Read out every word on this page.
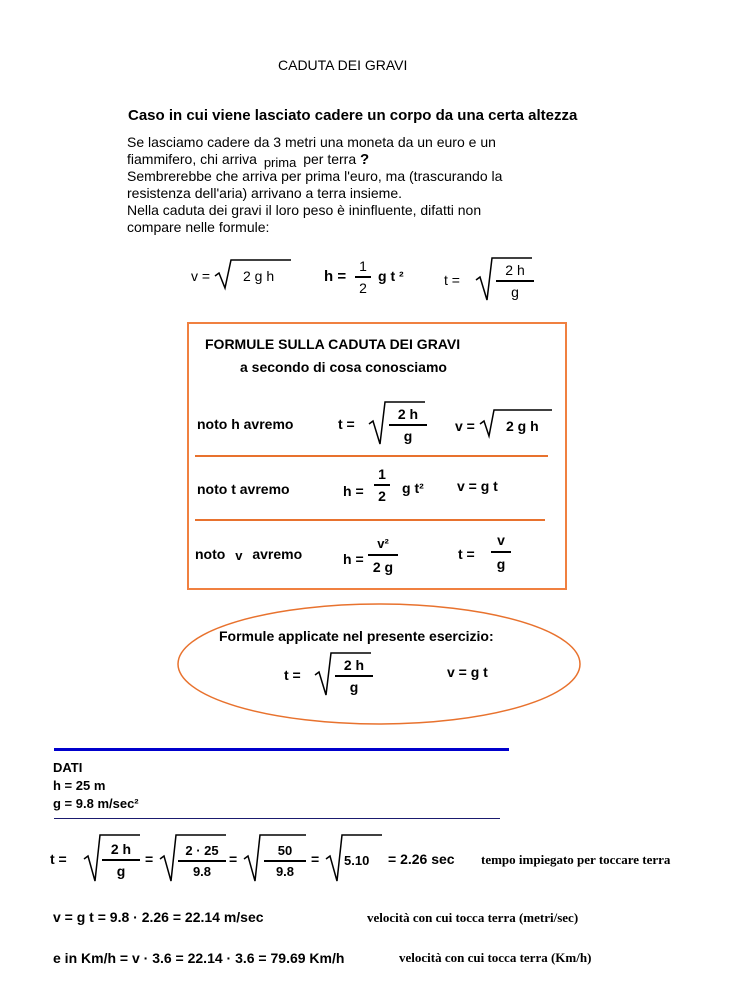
CADUTA DEI GRAVI
Caso in cui viene lasciato cadere un corpo da una certa altezza
Se lasciamo cadere da 3 metri una moneta da un euro e un
fiammifero, chi arriva prima per terra ?
Sembrerebbe che arriva per prima l'euro, ma (trascurando la
resistenza dell'aria) arrivano a terra insieme.
Nella caduta dei gravi il loro peso è ininfluente, difatti non
compare nelle formule:
v = 2 g h	h =
1
2
g t ²	t =
2 h
g
FORMULE SULLA CADUTA DEI GRAVI
a secondo di cosa conosciamo
noto h avremo	t =
2 h
g
v = 2 g h
noto t avremo	h =
1
2 g t² v = g t
noto v avremo	h =
v²
2 g
t =
v
g
Formule applicate nel presente esercizio:
t =
2 h
g
v = g t
DATI
h = 25 m
g = 9.8 m/sec²
t =
2 h
g
=
2 · 25
9.8
=
50
9.8
= 5.10 = 2.26 sec tempo impiegato per toccare terra
v = g t = 9.8 · 2.26 = 22.14 m/sec	velocità con cui tocca terra (metri/sec)
e in Km/h = v · 3.6 = 22.14 · 3.6 = 79.69 Km/h	velocità con cui tocca terra (Km/h)
